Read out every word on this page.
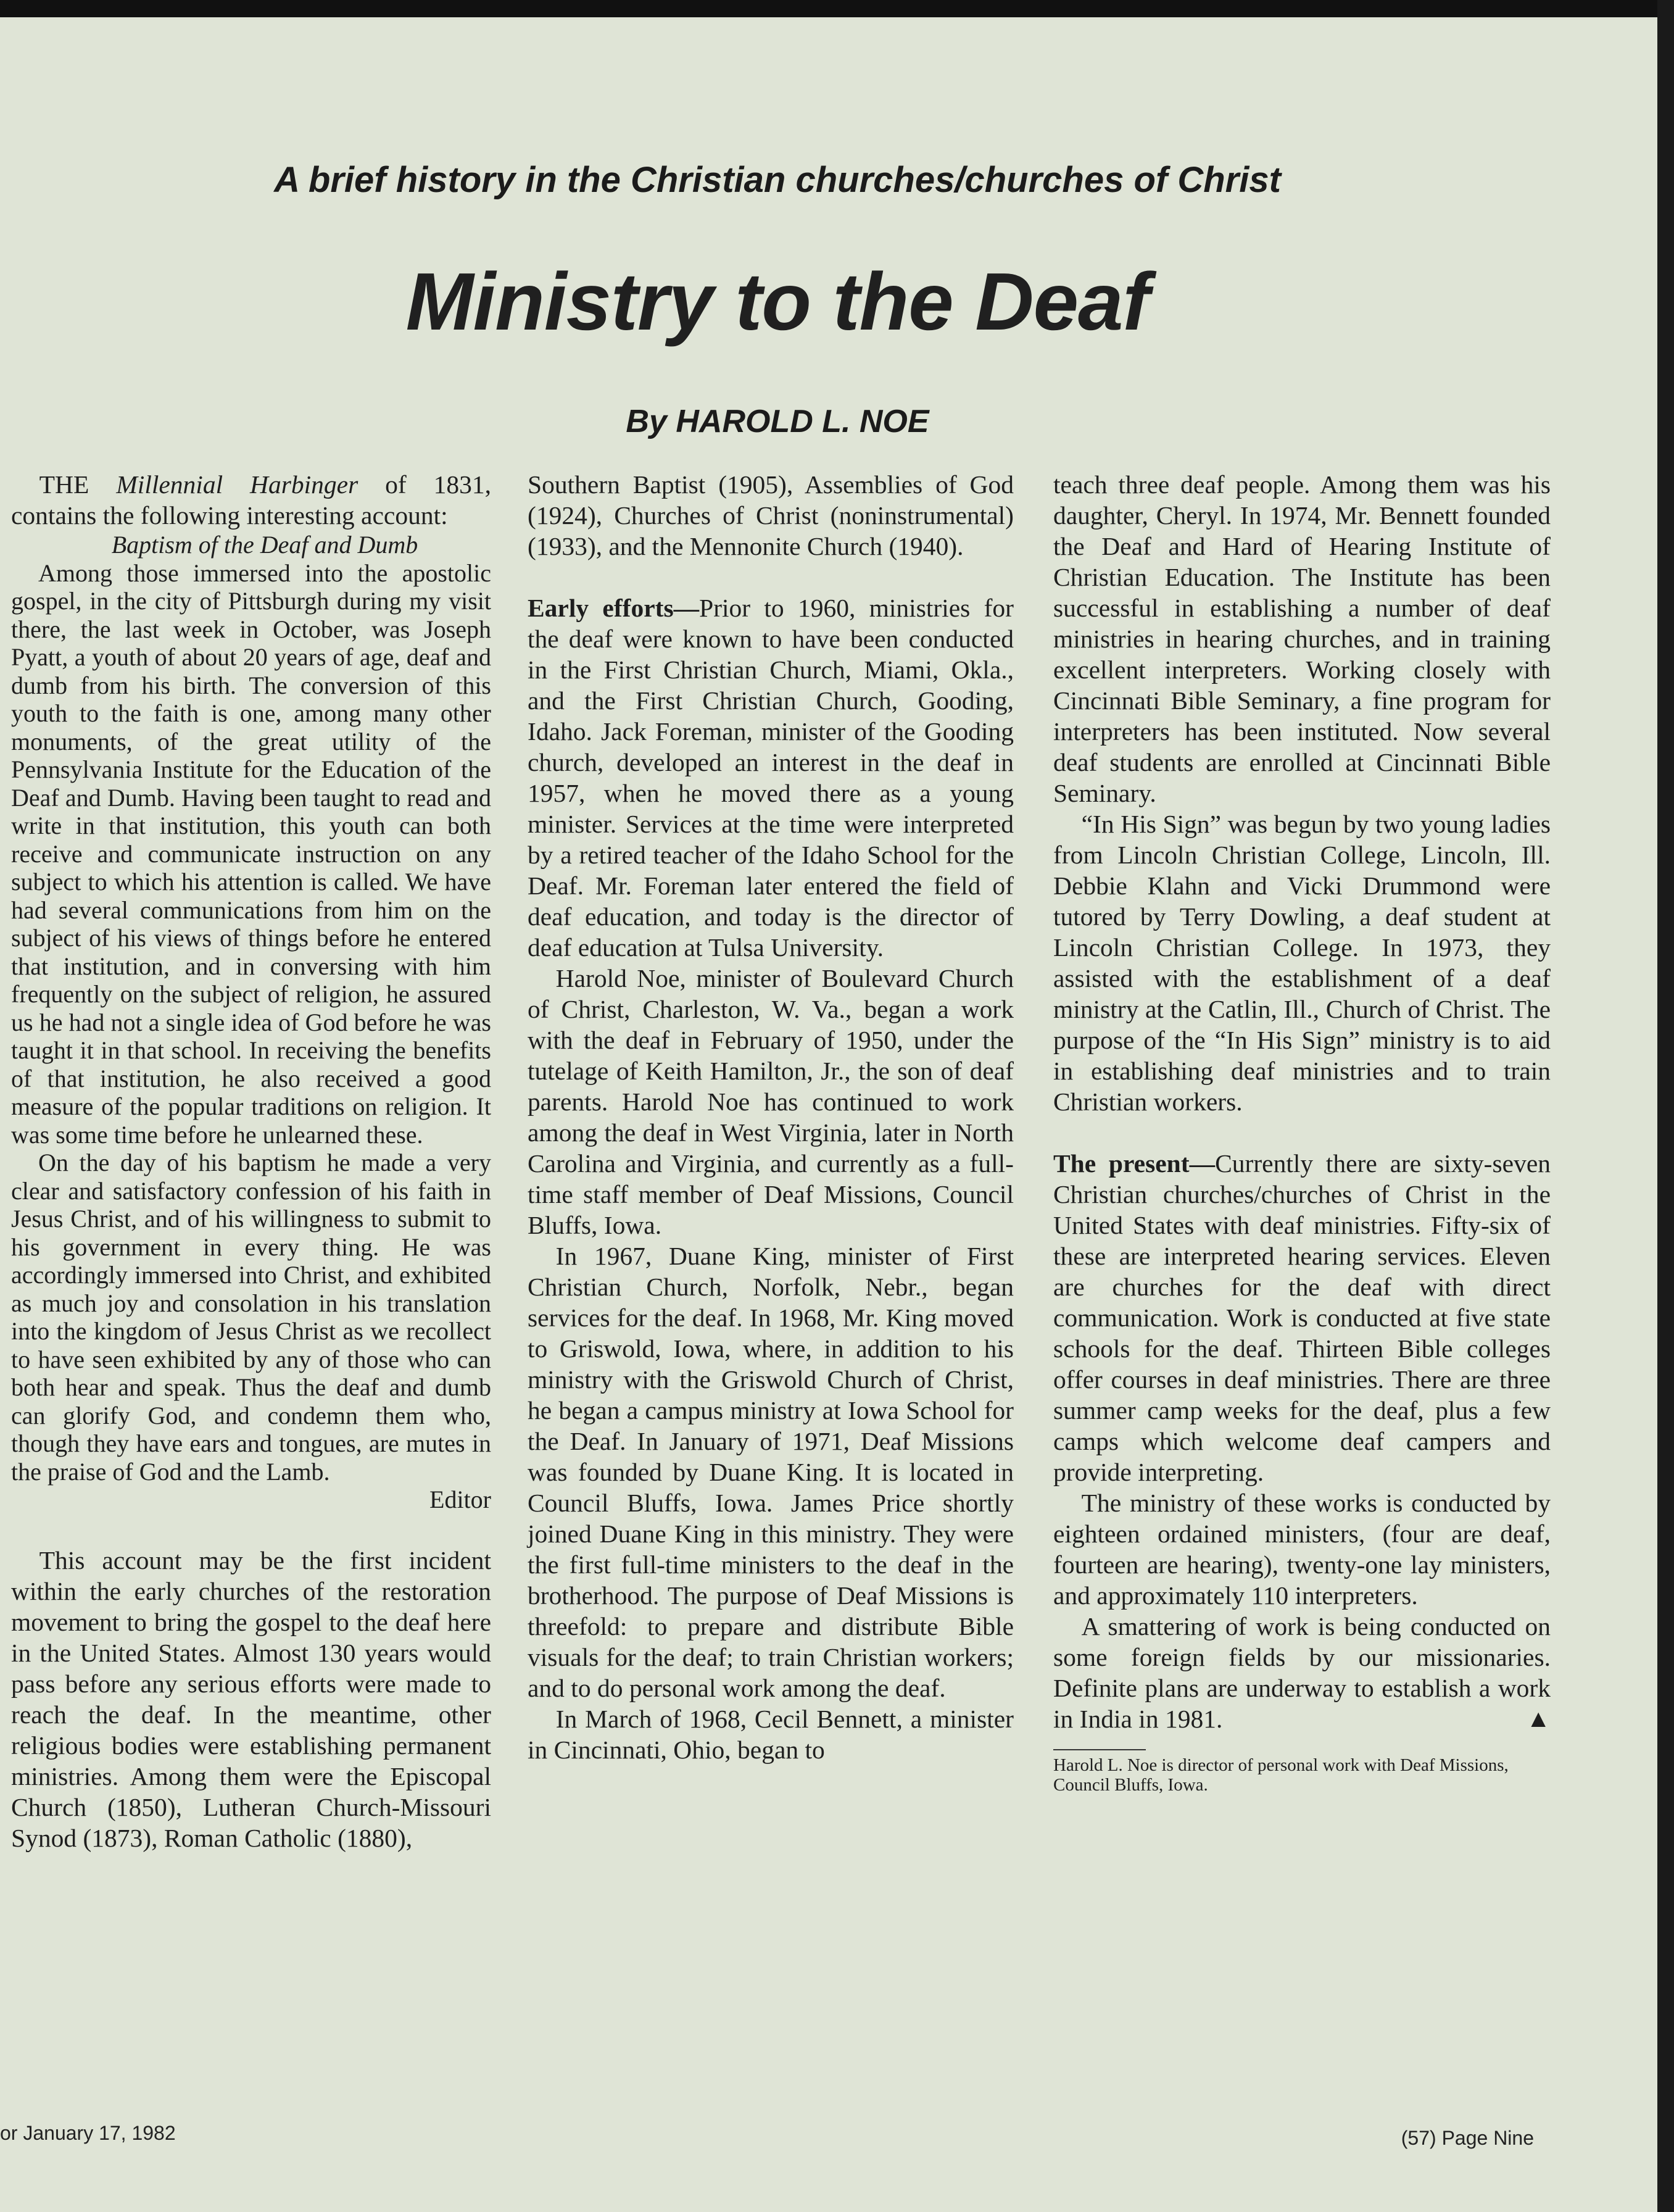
A brief history in the Christian churches/churches of Christ
Ministry to the Deaf
By HAROLD L. NOE

THE Millennial Harbinger of 1831, contains the following interesting account:

Baptism of the Deaf and Dumb

Among those immersed into the apostolic gospel, in the city of Pittsburgh during my visit there, the last week in October, was Joseph Pyatt, a youth of about 20 years of age, deaf and dumb from his birth. The conversion of this youth to the faith is one, among many other monuments, of the great utility of the Pennsylvania Institute for the Education of the Deaf and Dumb. Having been taught to read and write in that institution, this youth can both receive and communicate instruction on any subject to which his attention is called. We have had several communications from him on the subject of his views of things before he entered that institution, and in conversing with him frequently on the subject of religion, he assured us he had not a single idea of God before he was taught it in that school. In receiving the benefits of that institution, he also received a good measure of the popular traditions on religion. It was some time before he unlearned these.

On the day of his baptism he made a very clear and satisfactory confession of his faith in Jesus Christ, and of his willingness to submit to his government in every thing. He was accordingly immersed into Christ, and exhibited as much joy and consolation in his translation into the kingdom of Jesus Christ as we recollect to have seen exhibited by any of those who can both hear and speak. Thus the deaf and dumb can glorify God, and condemn them who, though they have ears and tongues, are mutes in the praise of God and the Lamb.

Editor

This account may be the first incident within the early churches of the restoration movement to bring the gospel to the deaf here in the United States. Almost 130 years would pass before any serious efforts were made to reach the deaf. In the meantime, other religious bodies were establishing permanent ministries. Among them were the Episcopal Church (1850), Lutheran Church-Missouri Synod (1873), Roman Catholic (1880),

Southern Baptist (1905), Assemblies of God (1924), Churches of Christ (noninstrumental) (1933), and the Mennonite Church (1940).

Early efforts—Prior to 1960, ministries for the deaf were known to have been conducted in the First Christian Church, Miami, Okla., and the First Christian Church, Gooding, Idaho. Jack Foreman, minister of the Gooding church, developed an interest in the deaf in 1957, when he moved there as a young minister. Services at the time were interpreted by a retired teacher of the Idaho School for the Deaf. Mr. Foreman later entered the field of deaf education, and today is the director of deaf education at Tulsa University.

Harold Noe, minister of Boulevard Church of Christ, Charleston, W. Va., began a work with the deaf in February of 1950, under the tutelage of Keith Hamilton, Jr., the son of deaf parents. Harold Noe has continued to work among the deaf in West Virginia, later in North Carolina and Virginia, and currently as a full-time staff member of Deaf Missions, Council Bluffs, Iowa.

In 1967, Duane King, minister of First Christian Church, Norfolk, Nebr., began services for the deaf. In 1968, Mr. King moved to Griswold, Iowa, where, in addition to his ministry with the Griswold Church of Christ, he began a campus ministry at Iowa School for the Deaf. In January of 1971, Deaf Missions was founded by Duane King. It is located in Council Bluffs, Iowa. James Price shortly joined Duane King in this ministry. They were the first full-time ministers to the deaf in the brotherhood. The purpose of Deaf Missions is threefold: to prepare and distribute Bible visuals for the deaf; to train Christian workers; and to do personal work among the deaf.

In March of 1968, Cecil Bennett, a minister in Cincinnati, Ohio, began to

teach three deaf people. Among them was his daughter, Cheryl. In 1974, Mr. Bennett founded the Deaf and Hard of Hearing Institute of Christian Education. The Institute has been successful in establishing a number of deaf ministries in hearing churches, and in training excellent interpreters. Working closely with Cincinnati Bible Seminary, a fine program for interpreters has been instituted. Now several deaf students are enrolled at Cincinnati Bible Seminary.

“In His Sign” was begun by two young ladies from Lincoln Christian College, Lincoln, Ill. Debbie Klahn and Vicki Drummond were tutored by Terry Dowling, a deaf student at Lincoln Christian College. In 1973, they assisted with the establishment of a deaf ministry at the Catlin, Ill., Church of Christ. The purpose of the “In His Sign” ministry is to aid in establishing deaf ministries and to train Christian workers.

The present—Currently there are sixty-seven Christian churches/churches of Christ in the United States with deaf ministries. Fifty-six of these are interpreted hearing services. Eleven are churches for the deaf with direct communication. Work is conducted at five state schools for the deaf. Thirteen Bible colleges offer courses in deaf ministries. There are three summer camp weeks for the deaf, plus a few camps which welcome deaf campers and provide interpreting.

The ministry of these works is conducted by eighteen ordained ministers, (four are deaf, fourteen are hearing), twenty-one lay ministers, and approximately 110 interpreters.

A smattering of work is being conducted on some foreign fields by our missionaries. Definite plans are underway to establish a work in India in 1981.	▲

Harold L. Noe is director of personal work with Deaf Missions, Council Bluffs, Iowa.
or January 17, 1982	(57) Page Nine
